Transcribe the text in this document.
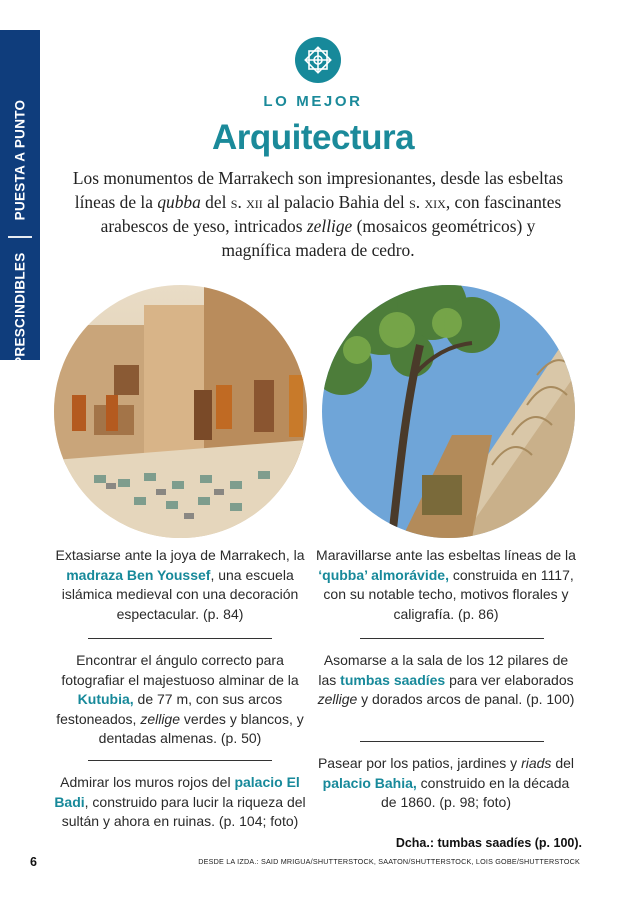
PUESTA A PUNTO
IMPRESCINDIBLES
LO MEJOR
Arquitectura
Los monumentos de Marrakech son impresionantes, desde las esbeltas líneas de la qubba del s. xii al palacio Bahia del s. xix, con fascinantes arabescos de yeso, intricados zellige (mosaicos geométricos) y magnífica madera de cedro.
Extasiarse ante la joya de Marrakech, la madraza Ben Youssef, una escuela islámica medieval con una decoración espectacular. (p. 84)
Encontrar el ángulo correcto para fotografiar el majestuoso alminar de la Kutubia, de 77 m, con sus arcos festoneados, zellige verdes y blancos, y dentadas almenas. (p. 50)
Admirar los muros rojos del palacio El Badi, construido para lucir la riqueza del sultán y ahora en ruinas. (p. 104; foto)
Maravillarse ante las esbeltas líneas de la ‘qubba’ almorávide, construida en 1117, con su notable techo, motivos florales y caligrafía. (p. 86)
Asomarse a la sala de los 12 pilares de las tumbas saadíes para ver elaborados zellige y dorados arcos de panal. (p. 100)
Pasear por los patios, jardines y riads del palacio Bahia, construido en la década de 1860. (p. 98; foto)
Dcha.: tumbas saadíes (p. 100).
6	DESDE LA IZDA.: SAID MRIGUA/SHUTTERSTOCK, SAATON/SHUTTERSTOCK, LOIS GOBE/SHUTTERSTOCK
